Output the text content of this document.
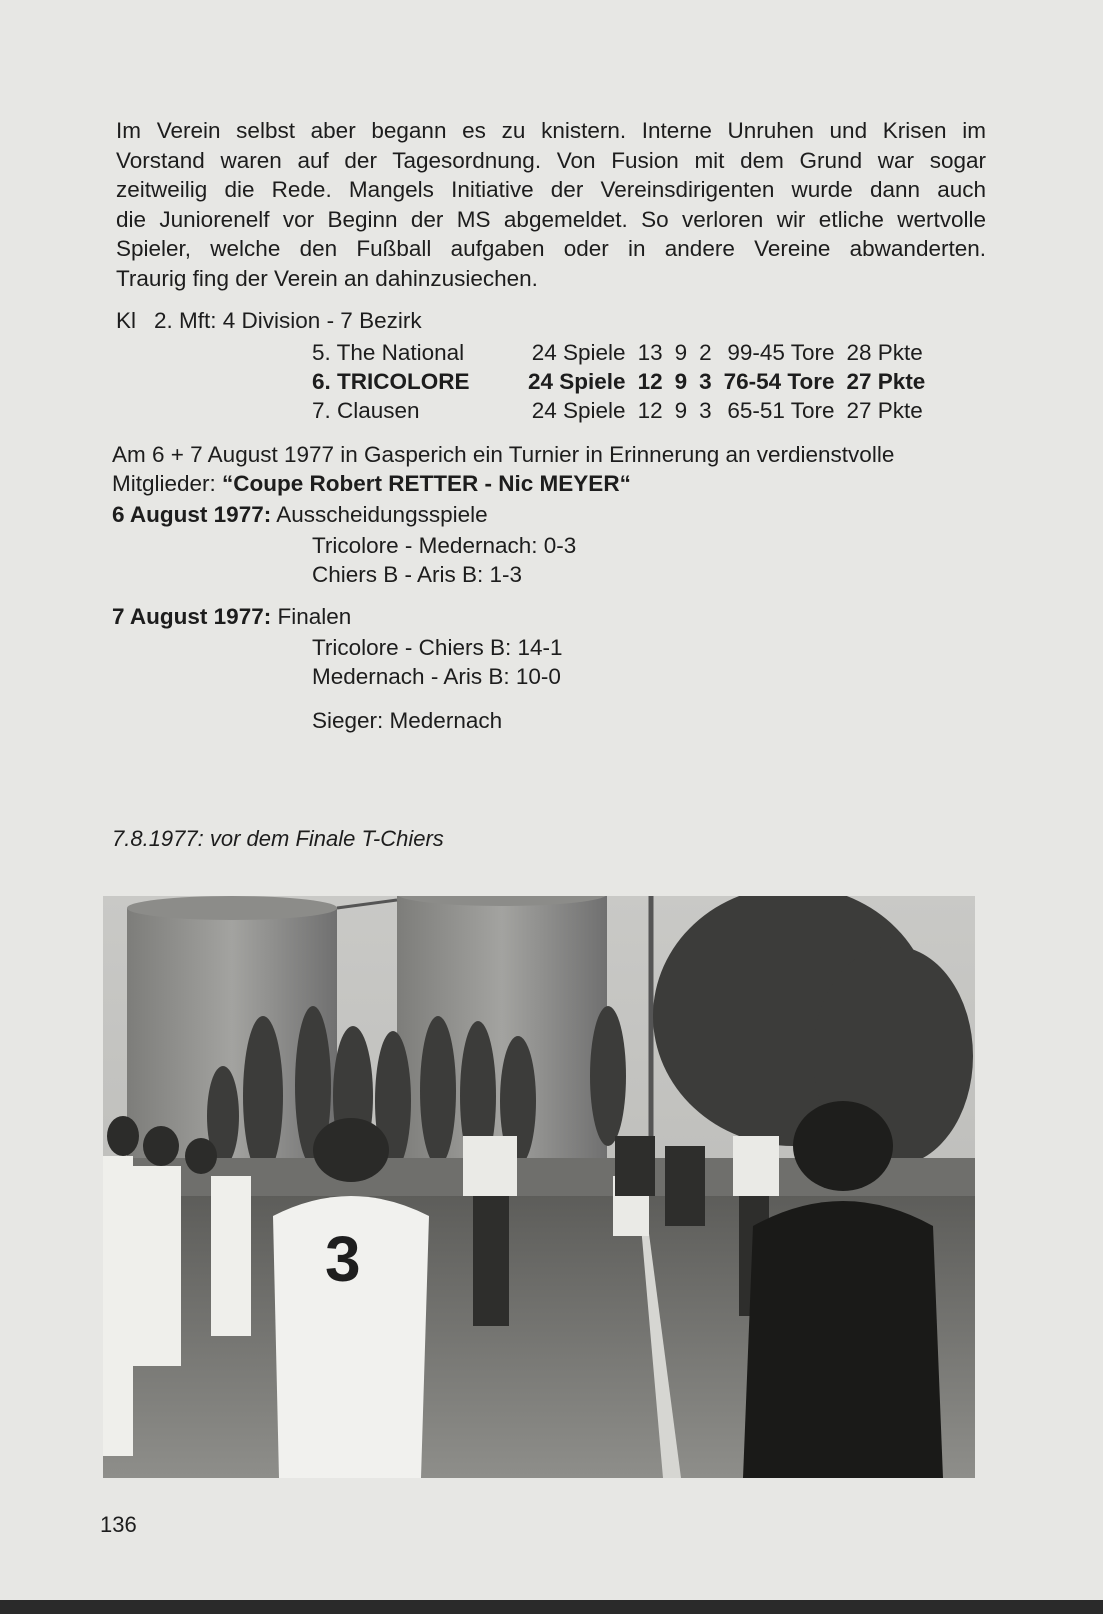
Im Verein selbst aber begann es zu knistern. Interne Unruhen und Krisen im
Vorstand waren auf der Tagesordnung. Von Fusion mit dem Grund war sogar
zeitweilig die Rede. Mangels Initiative der Vereinsdirigenten wurde dann auch
die Juniorenelf vor Beginn der MS abgemeldet. So verloren wir etliche wertvolle
Spieler, welche den Fußball aufgaben oder in andere Vereine abwanderten.
Traurig fing der Verein an dahinzusiechen.
Kl 2. Mft: 4 Division - 7 Bezirk
5. The National	24 Spiele	13	9	2	99-45 Tore	28 Pkte
6. TRICOLORE	24 Spiele	12	9	3	76-54 Tore	27 Pkte
7. Clausen	24 Spiele	12	9	3	65-51 Tore	27 Pkte
Am 6 + 7 August 1977 in Gasperich ein Turnier in Erinnerung an verdienstvolle
Mitglieder: “Coupe Robert RETTER - Nic MEYER“
6 August 1977: Ausscheidungsspiele
Tricolore - Medernach: 0-3
Chiers B - Aris B: 1-3
7 August 1977: Finalen
Tricolore - Chiers B: 14-1
Medernach - Aris B: 10-0
Sieger: Medernach
7.8.1977: vor dem Finale T-Chiers
3
136
